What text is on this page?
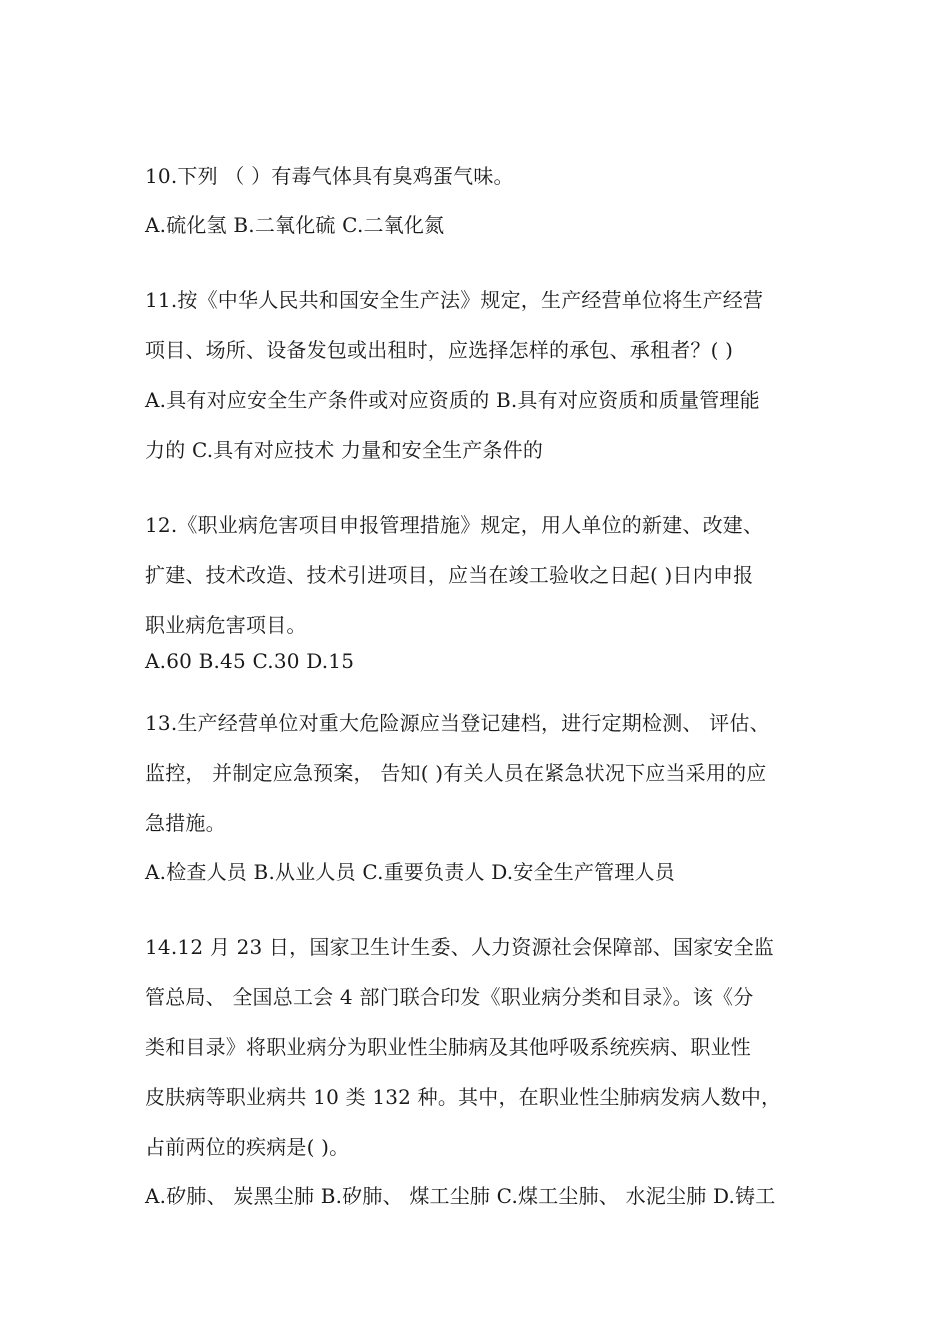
10.下列 （ ）有毒气体具有臭鸡蛋气味。
A.硫化氢 B.二氧化硫 C.二氧化氮
11.按《中华人民共和国安全生产法》规定，生产经营单位将生产经营
项目、场所、设备发包或出租时，应选择怎样的承包、承租者？( )
A.具有对应安全生产条件或对应资质的 B.具有对应资质和质量管理能
力的 C.具有对应技术 力量和安全生产条件的
12.《职业病危害项目申报管理措施》规定，用人单位的新建、改建、
扩建、技术改造、技术引进项目，应当在竣工验收之日起( )日内申报
职业病危害项目。
A.60 B.45 C.30 D.15
13.生产经营单位对重大危险源应当登记建档，进行定期检测、 评估、
监控， 并制定应急预案， 告知( )有关人员在紧急状况下应当采用的应
急措施。
A.检查人员 B.从业人员 C.重要负责人 D.安全生产管理人员
14.12 月 23 日，国家卫生计生委、人力资源社会保障部、国家安全监
管总局、 全国总工会 4 部门联合印发《职业病分类和目录》。该《分
类和目录》将职业病分为职业性尘肺病及其他呼吸系统疾病、职业性
皮肤病等职业病共 10 类 132 种。其中，在职业性尘肺病发病人数中，
占前两位的疾病是( )。
A.矽肺、 炭黑尘肺 B.矽肺、 煤工尘肺 C.煤工尘肺、 水泥尘肺 D.铸工
